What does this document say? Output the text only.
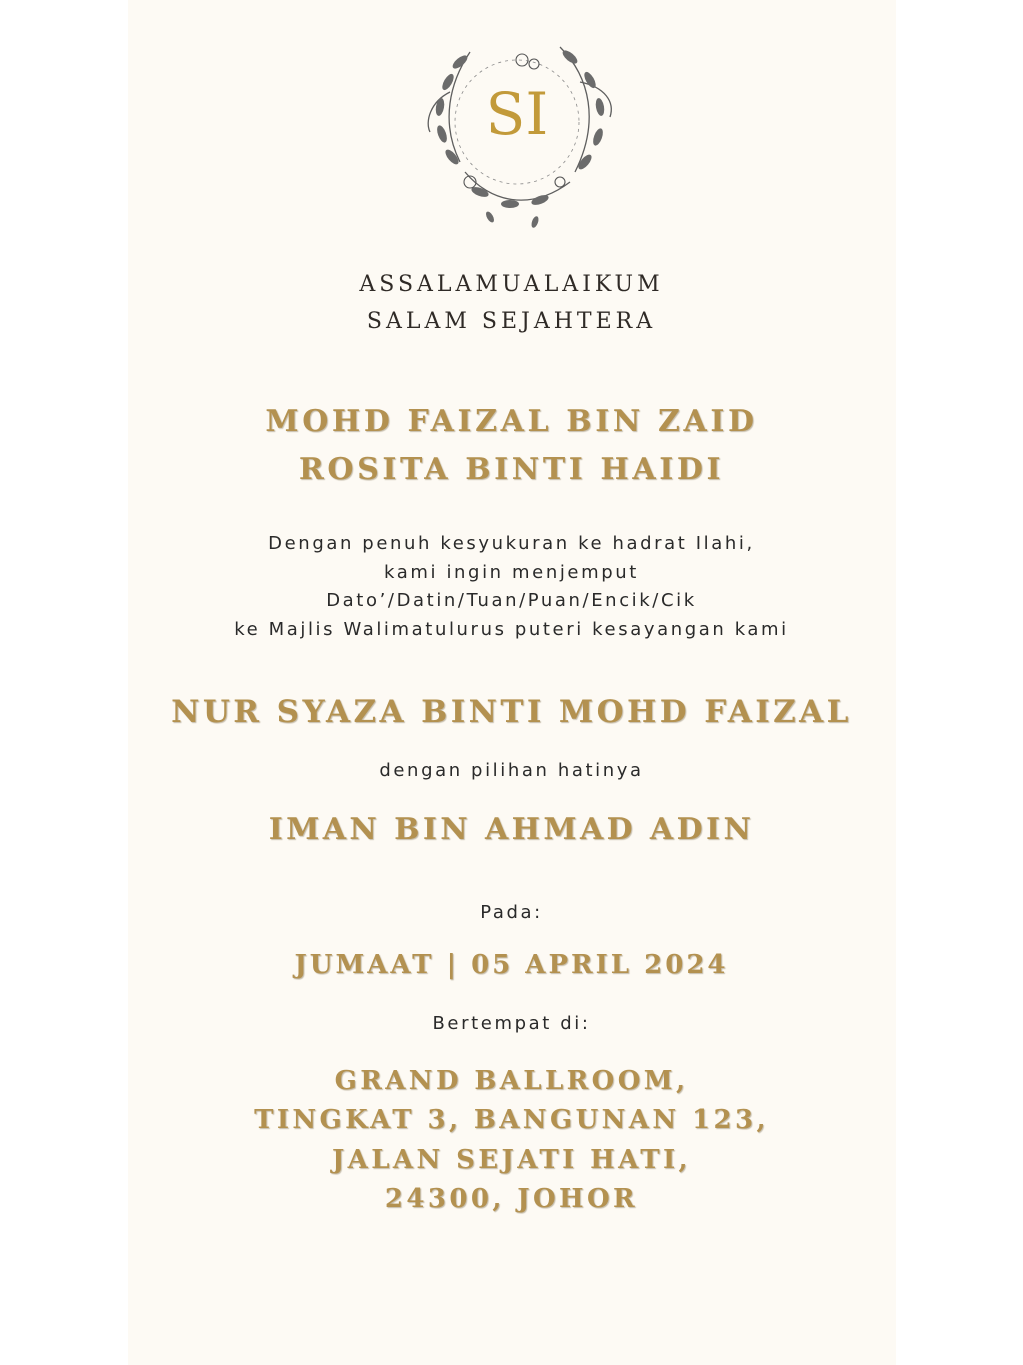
SI

ASSALAMUALAIKUM

SALAM SEJAHTERA

MOHD FAIZAL BIN ZAID

ROSITA BINTI HAIDI

Dengan penuh kesyukuran ke hadrat Ilahi,

kami ingin menjemput

Dato’/Datin/Tuan/Puan/Encik/Cik

ke Majlis Walimatulurus puteri kesayangan kami

NUR SYAZA BINTI MOHD FAIZAL

dengan pilihan hatinya

IMAN BIN AHMAD ADIN

Pada:

JUMAAT | 05 APRIL 2024

Bertempat di:

GRAND BALLROOM,

TINGKAT 3, BANGUNAN 123,

JALAN SEJATI HATI,

24300, JOHOR
